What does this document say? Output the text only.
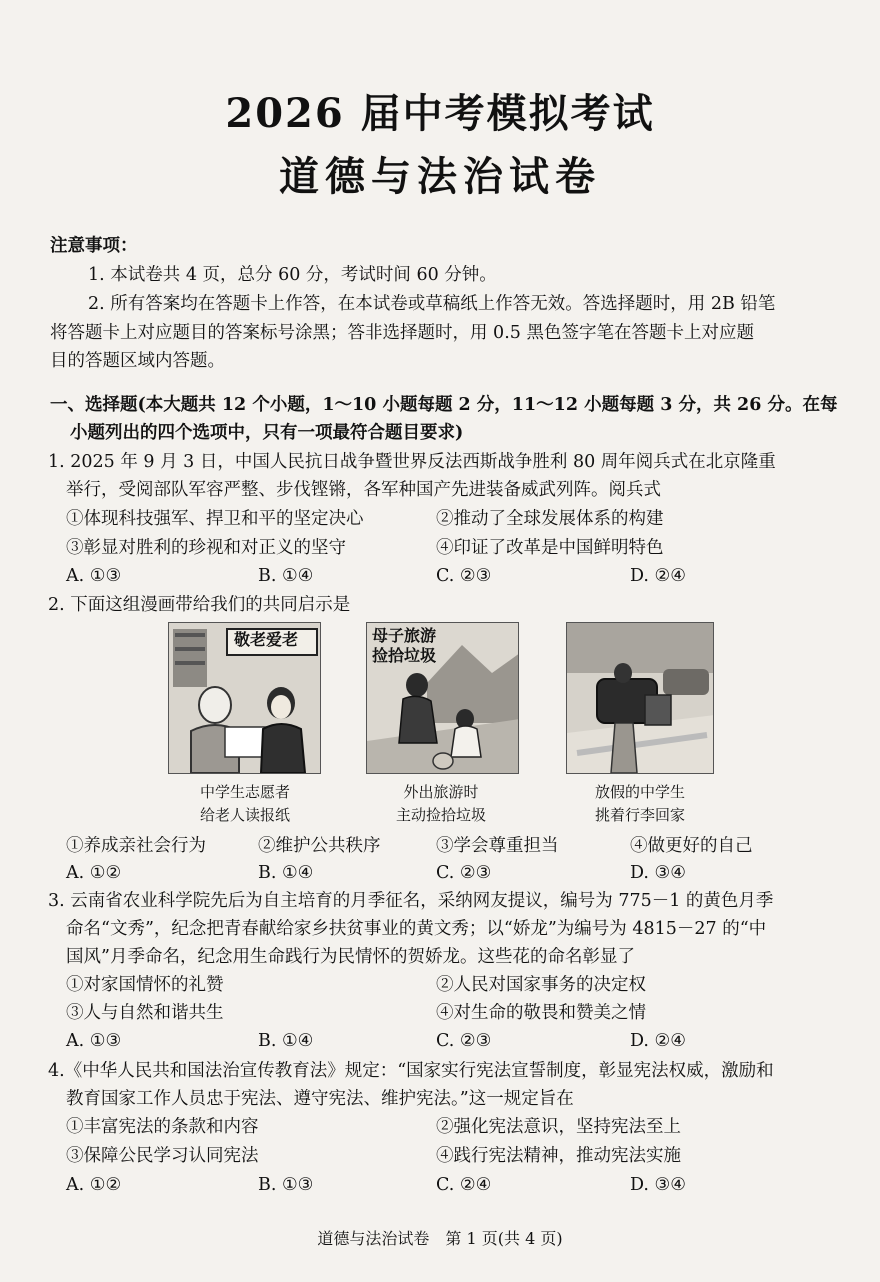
2026 届中考模拟考试
道德与法治试卷
注意事项：
1. 本试卷共 4 页，总分 60 分，考试时间 60 分钟。
2. 所有答案均在答题卡上作答，在本试卷或草稿纸上作答无效。答选择题时，用 2B 铅笔
将答题卡上对应题目的答案标号涂黑；答非选择题时，用 0.5 黑色签字笔在答题卡上对应题
目的答题区域内答题。
一、选择题(本大题共 12 个小题，1～10 小题每题 2 分，11～12 小题每题 3 分，共 26 分。在每
小题列出的四个选项中，只有一项最符合题目要求)
1. 2025 年 9 月 3 日，中国人民抗日战争暨世界反法西斯战争胜利 80 周年阅兵式在北京隆重
举行，受阅部队军容严整、步伐铿锵，各军种国产先进装备威武列阵。阅兵式
①体现科技强军、捍卫和平的坚定决心	②推动了全球发展体系的构建
③彰显对胜利的珍视和对正义的坚守	④印证了改革是中国鲜明特色
A. ①③	B. ①④	C. ②③	D. ②④
2. 下面这组漫画带给我们的共同启示是
敬老爱老	母子旅游
捡拾垃圾
中学生志愿者
给老人读报纸
外出旅游时
主动捡拾垃圾
放假的中学生
挑着行李回家
①养成亲社会行为	②维护公共秩序	③学会尊重担当	④做更好的自己
A. ①②	B. ①④	C. ②③	D. ③④
3. 云南省农业科学院先后为自主培育的月季征名，采纳网友提议，编号为 775－1 的黄色月季
命名“文秀”，纪念把青春献给家乡扶贫事业的黄文秀；以“娇龙”为编号为 4815－27 的“中
国风”月季命名，纪念用生命践行为民情怀的贺娇龙。这些花的命名彰显了
①对家国情怀的礼赞	②人民对国家事务的决定权
③人与自然和谐共生	④对生命的敬畏和赞美之情
A. ①③	B. ①④	C. ②③	D. ②④
4.《中华人民共和国法治宣传教育法》规定：“国家实行宪法宣誓制度，彰显宪法权威，激励和
教育国家工作人员忠于宪法、遵守宪法、维护宪法。”这一规定旨在
①丰富宪法的条款和内容	②强化宪法意识，坚持宪法至上
③保障公民学习认同宪法	④践行宪法精神，推动宪法实施
A. ①②	B. ①③	C. ②④	D. ③④
道德与法治试卷　第 1 页(共 4 页)
